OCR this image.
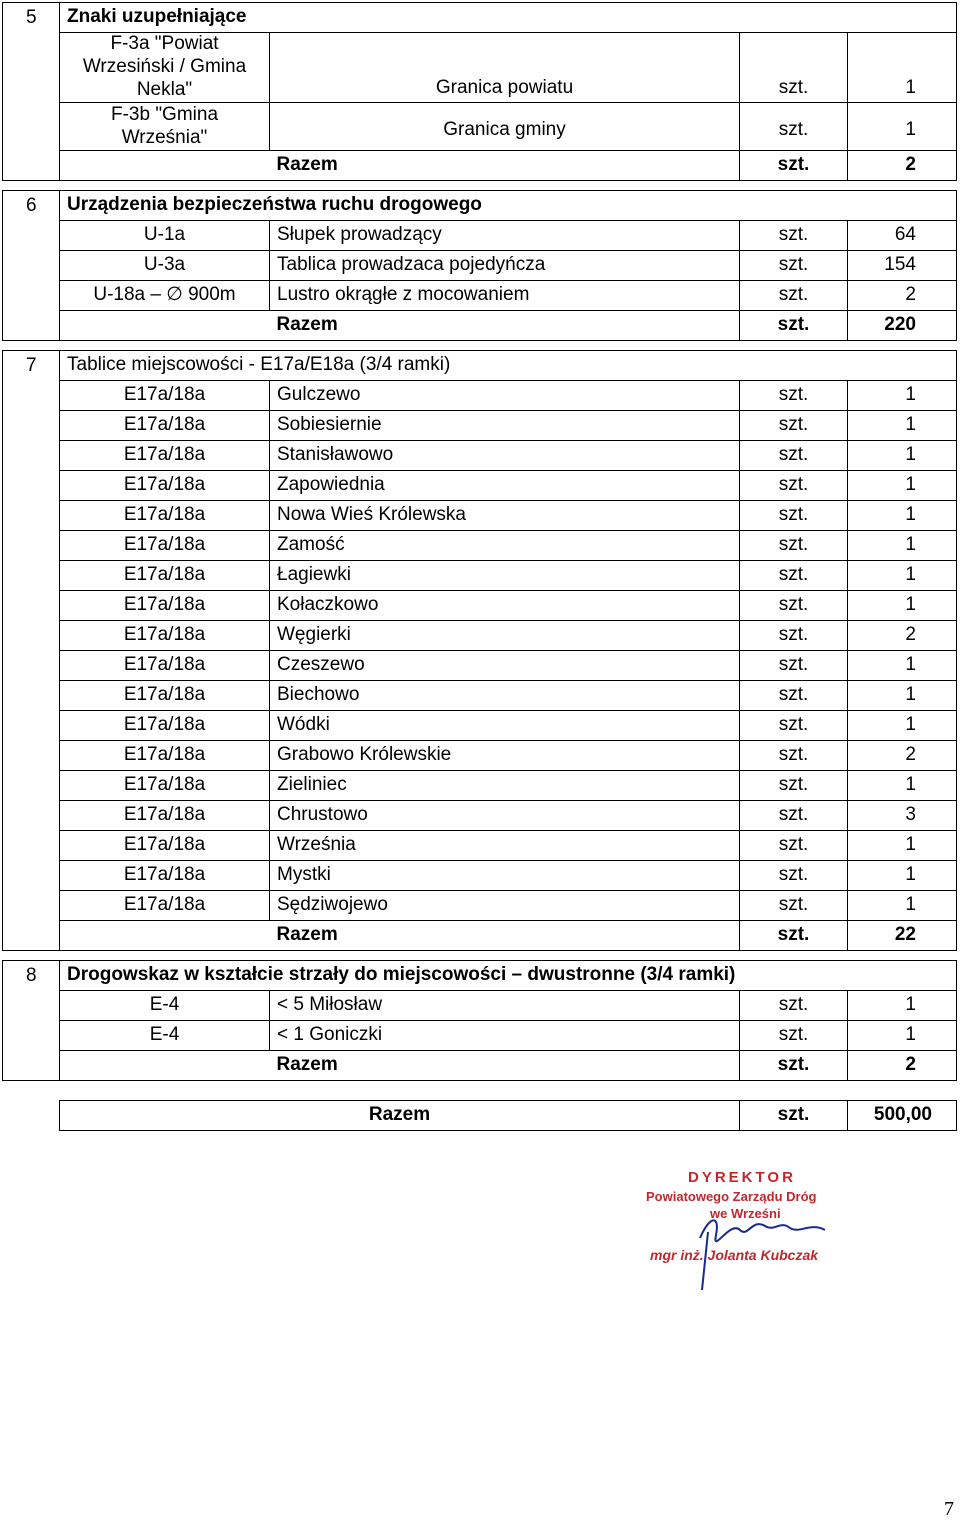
5	Znaki uzupełniające			
	F-3a "Powiat Wrzesiński / Gmina Nekla"	Granica powiatu	szt.	1
	F-3b "Gmina Września"	Granica gminy	szt.	1
		Razem	szt.	2

6	Urządzenia bezpieczeństwa ruchu drogowego			
	U-1a	Słupek prowadzący	szt.	64
	U-3a	Tablica prowadzaca pojedyńcza	szt.	154
	U-18a – ∅ 900m	Lustro okrągłe z mocowaniem	szt.	2
		Razem	szt.	220

7	Tablice miejscowości - E17a/E18a (3/4 ramki)			
	E17a/18a	Gulczewo	szt.	1
	E17a/18a	Sobiesiernie	szt.	1
	E17a/18a	Stanisławowo	szt.	1
	E17a/18a	Zapowiednia	szt.	1
	E17a/18a	Nowa Wieś Królewska	szt.	1
	E17a/18a	Zamość	szt.	1
	E17a/18a	Łagiewki	szt.	1
	E17a/18a	Kołaczkowo	szt.	1
	E17a/18a	Węgierki	szt.	2
	E17a/18a	Czeszewo	szt.	1
	E17a/18a	Biechowo	szt.	1
	E17a/18a	Wódki	szt.	1
	E17a/18a	Grabowo Królewskie	szt.	2
	E17a/18a	Zieliniec	szt.	1
	E17a/18a	Chrustowo	szt.	3
	E17a/18a	Września	szt.	1
	E17a/18a	Mystki	szt.	1
	E17a/18a	Sędziwojewo	szt.	1
		Razem	szt.	22

8	Drogowskaz w kształcie strzały do miejscowości – dwustronne (3/4 ramki)			
	E-4	< 5 Miłosław	szt.	1
	E-4	< 1 Goniczki	szt.	1
		Razem	szt.	2
Razem	szt.	500,00
DYREKTOR
Powiatowego Zarządu Dróg
we Wrześni
mgr inż. Jolanta Kubczak
7
